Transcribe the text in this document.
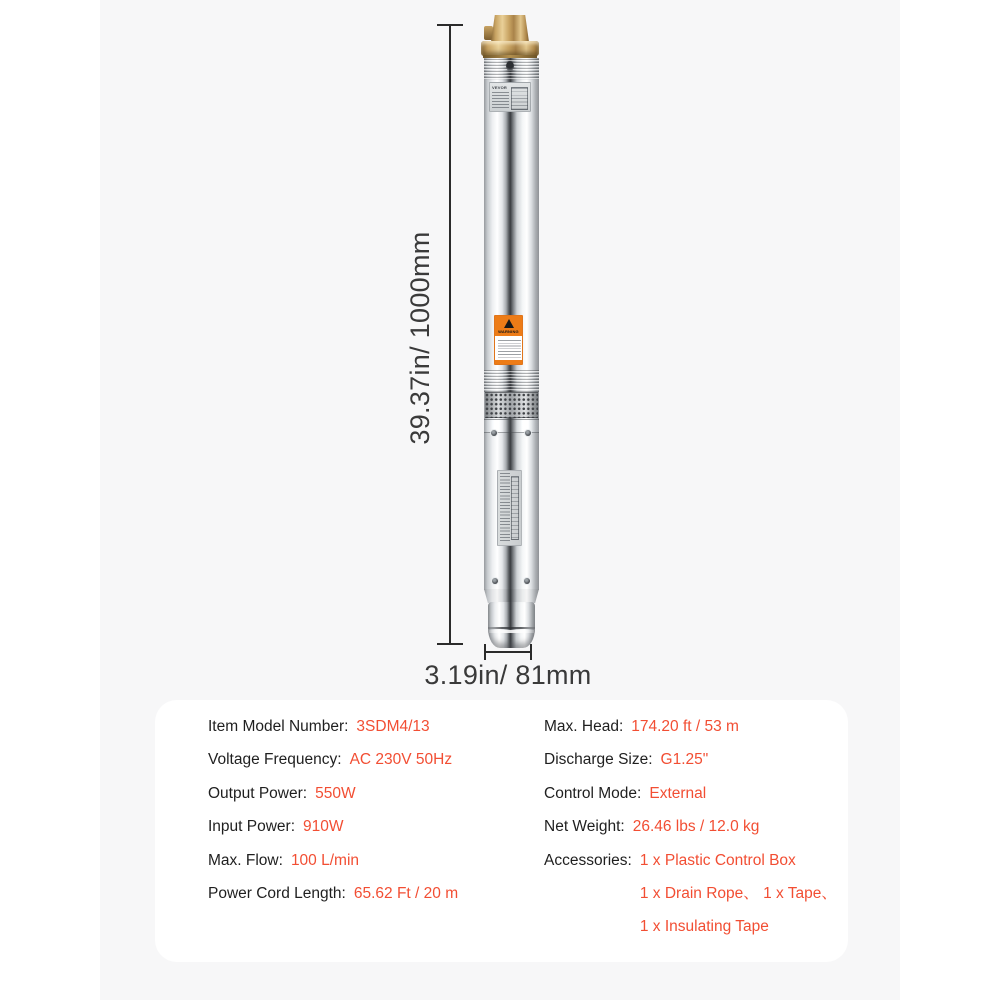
VEVOR
WARNING
39.37in/ 1000mm
3.19in/ 81mm
Item Model Number: 3SDM4/13
Voltage Frequency: AC 230V 50Hz
Output Power: 550W
Input Power: 910W
Max. Flow: 100 L/min
Power Cord Length: 65.62 Ft / 20 m
Max. Head: 174.20 ft / 53 m
Discharge Size: G1.25"
Control Mode: External
Net Weight: 26.46 lbs / 12.0 kg
Accessories: 1 x Plastic Control Box
1 x Drain Rope、 1 x Tape、
1 x Insulating Tape
